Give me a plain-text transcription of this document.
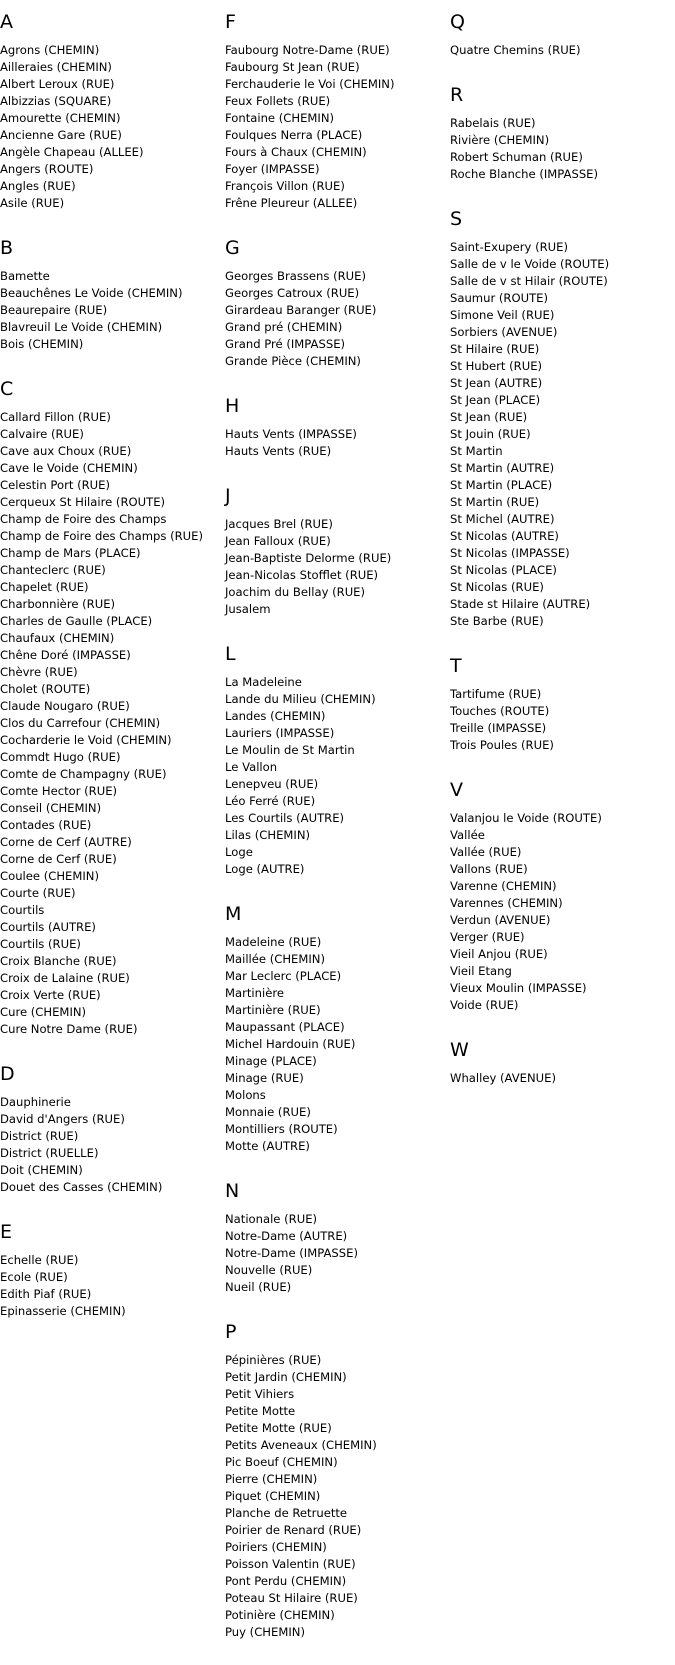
A
Agrons (CHEMIN)
Ailleraies (CHEMIN)
Albert Leroux (RUE)
Albizzias (SQUARE)
Amourette (CHEMIN)
Ancienne Gare (RUE)
Angèle Chapeau (ALLEE)
Angers (ROUTE)
Angles (RUE)
Asile (RUE)
B
Bamette
Beauchênes Le Voide (CHEMIN)
Beaurepaire (RUE)
Blavreuil Le Voide (CHEMIN)
Bois (CHEMIN)
C
Callard Fillon (RUE)
Calvaire (RUE)
Cave aux Choux (RUE)
Cave le Voide (CHEMIN)
Celestin Port (RUE)
Cerqueux St Hilaire (ROUTE)
Champ de Foire des Champs
Champ de Foire des Champs (RUE)
Champ de Mars (PLACE)
Chanteclerc (RUE)
Chapelet (RUE)
Charbonnière (RUE)
Charles de Gaulle (PLACE)
Chaufaux (CHEMIN)
Chêne Doré (IMPASSE)
Chèvre (RUE)
Cholet (ROUTE)
Claude Nougaro (RUE)
Clos du Carrefour (CHEMIN)
Cocharderie le Void (CHEMIN)
Commdt Hugo (RUE)
Comte de Champagny (RUE)
Comte Hector (RUE)
Conseil (CHEMIN)
Contades (RUE)
Corne de Cerf (AUTRE)
Corne de Cerf (RUE)
Coulee (CHEMIN)
Courte (RUE)
Courtils
Courtils (AUTRE)
Courtils (RUE)
Croix Blanche (RUE)
Croix de Lalaine (RUE)
Croix Verte (RUE)
Cure (CHEMIN)
Cure Notre Dame (RUE)
D
Dauphinerie
David d'Angers (RUE)
District (RUE)
District (RUELLE)
Doit (CHEMIN)
Douet des Casses (CHEMIN)
E
Echelle (RUE)
Ecole (RUE)
Edith Piaf (RUE)
Epinasserie (CHEMIN)
F
Faubourg Notre-Dame (RUE)
Faubourg St Jean (RUE)
Ferchauderie le Voi (CHEMIN)
Feux Follets (RUE)
Fontaine (CHEMIN)
Foulques Nerra (PLACE)
Fours à Chaux (CHEMIN)
Foyer (IMPASSE)
François Villon (RUE)
Frêne Pleureur (ALLEE)
G
Georges Brassens (RUE)
Georges Catroux (RUE)
Girardeau Baranger (RUE)
Grand pré (CHEMIN)
Grand Pré (IMPASSE)
Grande Pièce (CHEMIN)
H
Hauts Vents (IMPASSE)
Hauts Vents (RUE)
J
Jacques Brel (RUE)
Jean Falloux (RUE)
Jean-Baptiste Delorme (RUE)
Jean-Nicolas Stofflet (RUE)
Joachim du Bellay (RUE)
Jusalem
L
La Madeleine
Lande du Milieu (CHEMIN)
Landes (CHEMIN)
Lauriers (IMPASSE)
Le Moulin de St Martin
Le Vallon
Lenepveu (RUE)
Léo Ferré (RUE)
Les Courtils (AUTRE)
Lilas (CHEMIN)
Loge
Loge (AUTRE)
M
Madeleine (RUE)
Maillée (CHEMIN)
Mar Leclerc (PLACE)
Martinière
Martinière (RUE)
Maupassant (PLACE)
Michel Hardouin (RUE)
Minage (PLACE)
Minage (RUE)
Molons
Monnaie (RUE)
Montilliers (ROUTE)
Motte (AUTRE)
N
Nationale (RUE)
Notre-Dame (AUTRE)
Notre-Dame (IMPASSE)
Nouvelle (RUE)
Nueil (RUE)
P
Pépinières (RUE)
Petit Jardin (CHEMIN)
Petit Vihiers
Petite Motte
Petite Motte (RUE)
Petits Aveneaux (CHEMIN)
Pic Boeuf (CHEMIN)
Pierre (CHEMIN)
Piquet (CHEMIN)
Planche de Retruette
Poirier de Renard (RUE)
Poiriers (CHEMIN)
Poisson Valentin (RUE)
Pont Perdu (CHEMIN)
Poteau St Hilaire (RUE)
Potinière (CHEMIN)
Puy (CHEMIN)
Q
Quatre Chemins (RUE)
R
Rabelais (RUE)
Rivière (CHEMIN)
Robert Schuman (RUE)
Roche Blanche (IMPASSE)
S
Saint-Exupery (RUE)
Salle de v le Voide (ROUTE)
Salle de v st Hilair (ROUTE)
Saumur (ROUTE)
Simone Veil (RUE)
Sorbiers (AVENUE)
St Hilaire (RUE)
St Hubert (RUE)
St Jean (AUTRE)
St Jean (PLACE)
St Jean (RUE)
St Jouin (RUE)
St Martin
St Martin (AUTRE)
St Martin (PLACE)
St Martin (RUE)
St Michel (AUTRE)
St Nicolas (AUTRE)
St Nicolas (IMPASSE)
St Nicolas (PLACE)
St Nicolas (RUE)
Stade st Hilaire (AUTRE)
Ste Barbe (RUE)
T
Tartifume (RUE)
Touches (ROUTE)
Treille (IMPASSE)
Trois Poules (RUE)
V
Valanjou le Voide (ROUTE)
Vallée
Vallée (RUE)
Vallons (RUE)
Varenne (CHEMIN)
Varennes (CHEMIN)
Verdun (AVENUE)
Verger (RUE)
Vieil Anjou (RUE)
Vieil Etang
Vieux Moulin (IMPASSE)
Voide (RUE)
W
Whalley (AVENUE)
